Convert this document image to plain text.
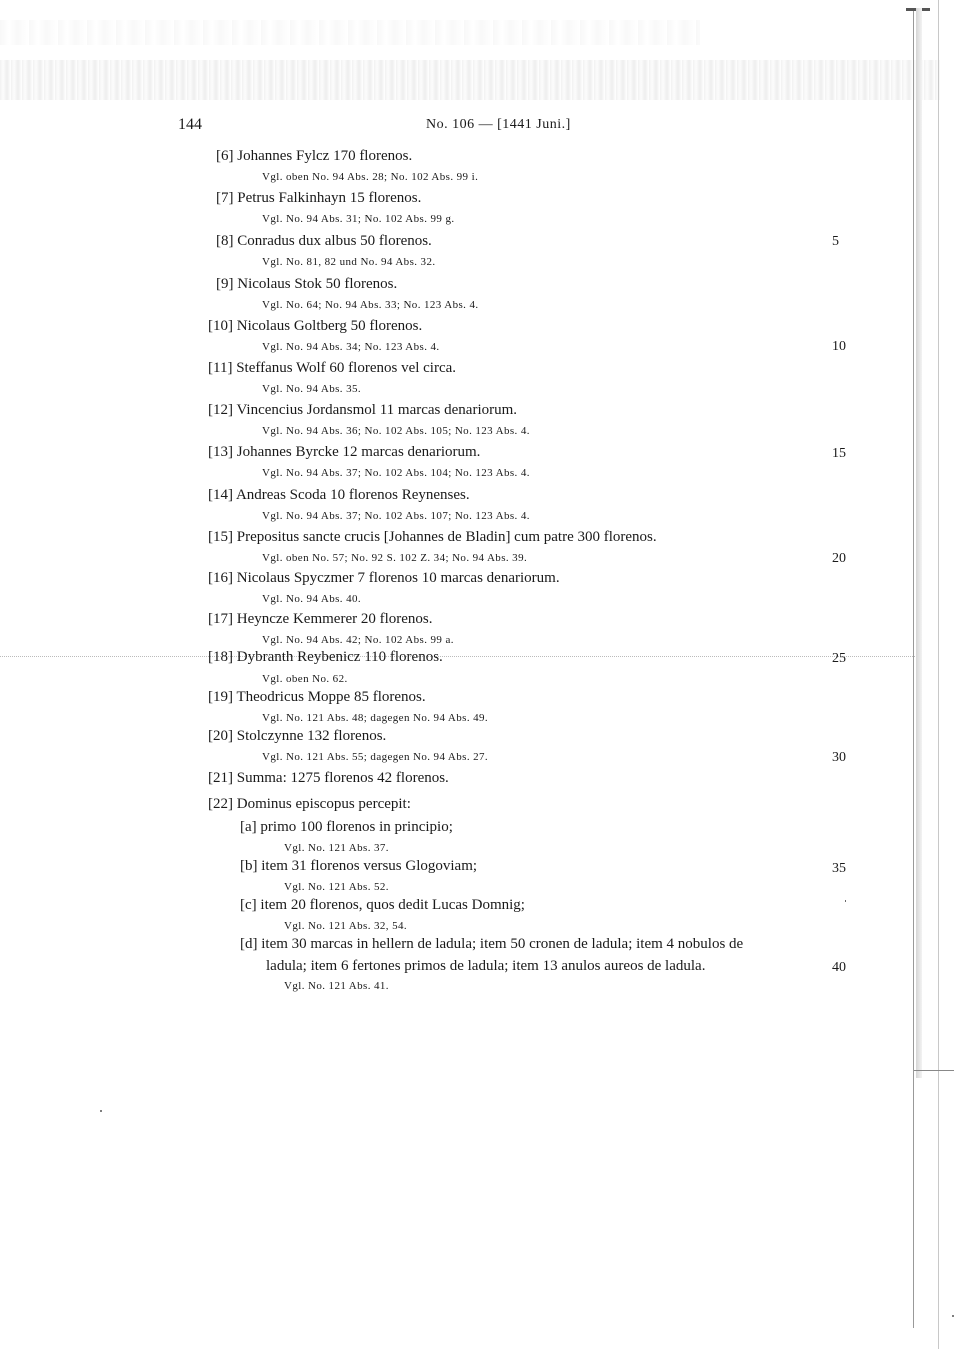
144	No. 106 — [1441 Juni.]
[6] Johannes Fylcz 170 florenos.
Vgl. oben No. 94 Abs. 28; No. 102 Abs. 99 i.
[7] Petrus Falkinhayn 15 florenos.
Vgl. No. 94 Abs. 31; No. 102 Abs. 99 g.
[8] Conradus dux albus 50 florenos.
Vgl. No. 81, 82 und No. 94 Abs. 32.
[9] Nicolaus Stok 50 florenos.
Vgl. No. 64; No. 94 Abs. 33; No. 123 Abs. 4.
[10] Nicolaus Goltberg 50 florenos.
Vgl. No. 94 Abs. 34; No. 123 Abs. 4.
[11] Steffanus Wolf 60 florenos vel circa.
Vgl. No. 94 Abs. 35.
[12] Vincencius Jordansmol 11 marcas denariorum.
Vgl. No. 94 Abs. 36; No. 102 Abs. 105; No. 123 Abs. 4.
[13] Johannes Byrcke 12 marcas denariorum.
Vgl. No. 94 Abs. 37; No. 102 Abs. 104; No. 123 Abs. 4.
[14] Andreas Scoda 10 florenos Reynenses.
Vgl. No. 94 Abs. 37; No. 102 Abs. 107; No. 123 Abs. 4.
[15] Prepositus sancte crucis [Johannes de Bladin] cum patre 300 florenos.
Vgl. oben No. 57; No. 92 S. 102 Z. 34; No. 94 Abs. 39.
[16] Nicolaus Spyczmer 7 florenos 10 marcas denariorum.
Vgl. No. 94 Abs. 40.
[17] Heyncze Kemmerer 20 florenos.
Vgl. No. 94 Abs. 42; No. 102 Abs. 99 a.
[18] Dybranth Reybenicz 110 florenos.
Vgl. oben No. 62.
[19] Theodricus Moppe 85 florenos.
Vgl. No. 121 Abs. 48; dagegen No. 94 Abs. 49.
[20] Stolczynne 132 florenos.
Vgl. No. 121 Abs. 55; dagegen No. 94 Abs. 27.
[21] Summa: 1275 florenos 42 florenos.
[22] Dominus episcopus percepit:
[a] primo 100 florenos in principio;
Vgl. No. 121 Abs. 37.
[b] item 31 florenos versus Glogoviam;
Vgl. No. 121 Abs. 52.
[c] item 20 florenos, quos dedit Lucas Domnig;
Vgl. No. 121 Abs. 32, 54.
[d] item 30 marcas in hellern de ladula; item 50 cronen de ladula; item 4 nobulos de
ladula; item 6 fertones primos de ladula; item 13 anulos aureos de ladula.
Vgl. No. 121 Abs. 41.
5
10
15
20
25
30
35
40
